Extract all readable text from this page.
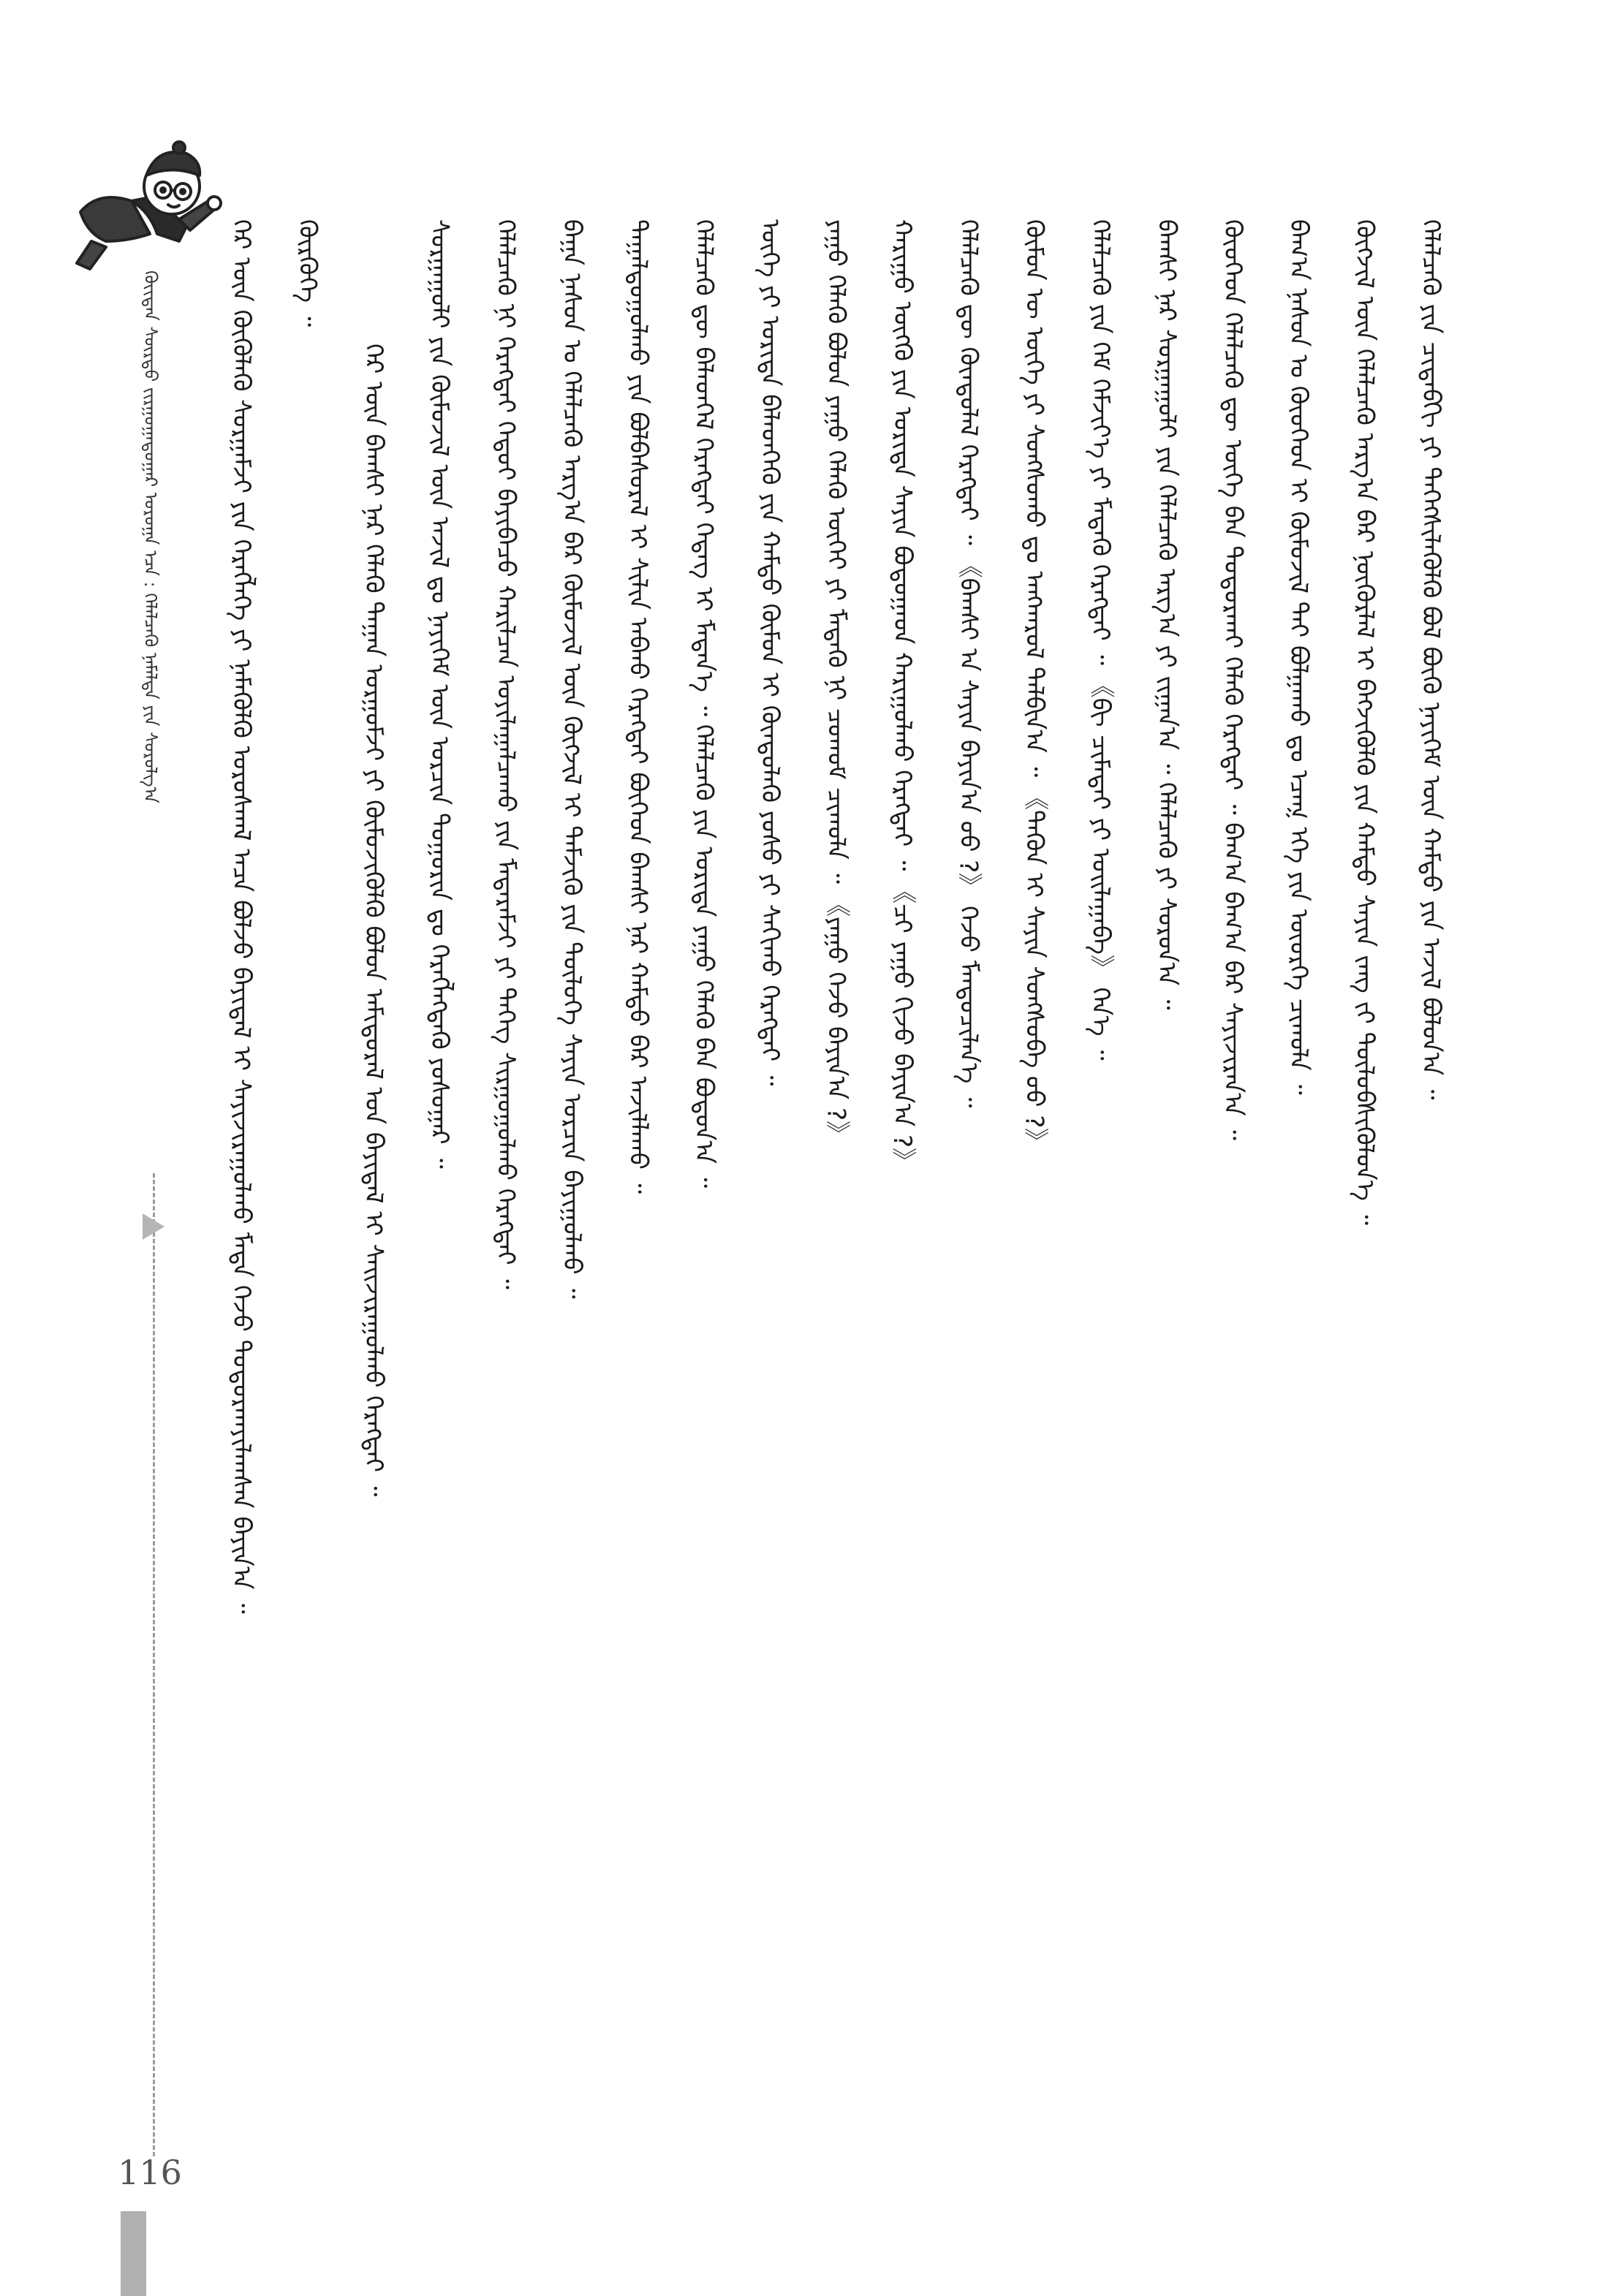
ᠬᠦᠢᠲᠡᠨ ᠰᠦᠷᠲᠦ ᠵᠢᠷᠭᠤᠭᠠᠳᠤᠭᠠᠷ ᠤᠷᠤᠭᠠ ᠡᠴᠡ : ᠬᠡᠯᠡᠯᠴᠡᠬᠦ ᠨᠡᠮᠡᠯᠳᠡ ᠶᠢᠨ ᠰᠣᠷᠤᠯᠭ᠎ᠠ	ᠭᠡᠷ ᠦᠨ ᠬᠥᠭᠦᠯᠡᠬᠦ ᠰᠤᠷᠭᠠᠮᠵᠢ ᠶᠢᠨ ᠬᠡᠷᠡᠭᠯᠡᠭᠡ ᠶᠢ ᠨᠡᠮᠡᠭᠦᠯᠬᠦ ᠤᠷᠤᠰᠬᠠᠯ ᠠᠴᠠ ᠪᠣᠯᠵᠤ ᠪᠠᠶᠢᠳᠠᠯ ᠢ ᠰᠠᠶᠢᠵᠢᠷᠠᠭᠤᠯᠬᠤ ᠮᠡᠳᠡ ᠭᠡᠵᠦ ᠲᠣᠳᠤᠷᠬᠠᠶᠢᠯᠠᠭᠰᠠᠨ ᠪᠠᠶᠢᠨ᠎ᠠ ᠃ ᠬᠥᠷᠭᠦᠭᠡ ᠃
ᠭᠡᠷ ᠦᠨ ᠪᠠᠭᠰᠢ ᠨᠠᠷ ᠬᠡᠯᠡᠬᠦ ᠳᠠᠭᠠᠨ ᠤᠷᠭᠤᠮᠵᠢ ᠶᠢ ᠬᠥᠮᠦᠵᠢᠭᠦᠯᠬᠦ ᠪᠣᠯᠤᠨ ᠠᠮᠢᠳᠤᠷᠠᠯ ᠤᠨ ᠪᠠᠶᠢᠳᠠᠯ ᠢ ᠰᠠᠢᠵᠢᠷᠠᠭᠤᠯᠬᠤ ᠬᠡᠷᠡᠭᠲᠡᠢ ᠃ ᠰᠤᠷᠭᠠᠭᠤᠯᠢ ᠶᠢᠨ ᠬᠦᠮᠦᠵᠢᠯ ᠦᠨ ᠠᠵᠢᠯ ᠳᠤ ᠨᠡᠶᠢᠭᠡᠮ ᠦᠨ ᠣᠷᠴᠢᠨ ᠲᠣᠭᠤᠷᠢᠨ ᠳᠤ ᠬᠡᠷᠡᠭᠯᠡᠭᠳᠡᠬᠦ ᠶᠣᠰᠤᠭᠠᠷ ᠃ ᠬᠡᠯᠡᠯᠴᠡᠬᠦ ᠨᠢ ᠬᠡᠷᠡᠭᠲᠡᠢ ᠬᠡᠳᠦᠢ ᠪᠠᠶᠢᠪᠠᠴᠤ ᠬᠠᠷᠢᠯᠴᠠᠨ ᠣᠶᠢᠯᠠᠭᠠᠯᠴᠠᠬᠤ ᠶᠢᠨ ᠮᠡᠳᠡᠷᠡᠮᠵᠢ ᠶᠢ ᠳᠡᠭᠡᠭ ᠰᠢᠷᠭᠤᠭᠤᠯᠬᠤ ᠬᠡᠷᠡᠭᠲᠡᠢ ᠃ ᠪᠠᠭᠠ ᠨᠠᠰᠤᠨ ᠤ ᠬᠡᠯᠡᠯᠴᠡᠬᠦ ᠠᠷᠭ᠎ᠠ ᠪᠠᠷ ᠬᠦᠮᠦᠵᠢᠯ ᠦᠨ ᠬᠥᠭᠵᠢᠯ ᠢ ᠳᠡᠮᠵᠢᠬᠦ ᠶᠢᠨ ᠲᠥᠯᠥᠭᠡ ᠰᠠᠶᠢᠨ ᠣᠷᠴᠢᠨ ᠪᠠᠶᠢᠭᠤᠯᠬᠤ ᠃ ᠳᠠᠭᠠᠯᠳᠤᠭᠤᠯᠬᠤ ᠶᠢᠨ ᠪᠣᠯᠪᠠᠰᠤᠷᠠᠯ ᠢ ᠰᠢᠯᠢᠨ ᠠᠪᠬᠤ ᠬᠡᠷᠡᠭᠲᠡᠢ ᠪᠥᠭᠡᠳ ᠪᠠᠭᠰᠢ ᠨᠠᠷ ᠬᠠᠮᠲᠤ ᠪᠠᠷ ᠠᠵᠢᠯᠯᠠᠬᠤ ᠃ ᠬᠡᠯᠡᠯᠴᠡᠬᠦ ᠳᠦ ᠪᠡᠯᠡᠳᠬᠡᠯ ᠬᠡᠷᠡᠭᠲᠡᠢ ᠭᠡᠳᠡᠭ ᠢ ᠮᠡᠳᠡᠨ᠎ᠡ ᠃ ᠬᠡᠯᠡᠯᠴᠡᠬᠦ ᠶᠢᠨ ᠤᠷᠢᠳᠠ ᠶᠠᠭᠤ ᠬᠡᠯᠡᠬᠦ ᠪᠡᠨ ᠪᠣᠳᠤᠨ᠎ᠠ ᠃ ᠦᠭᠡ ᠶᠢ ᠤᠷᠢᠳᠠ ᠪᠡᠯᠡᠳᠬᠡᠬᠦ ᠶᠢᠨ ᠬᠠᠮᠲᠤ ᠬᠦᠮᠦᠨ ᠢ ᠬᠦᠨᠳᠦᠯᠡᠬᠦ ᠶᠣᠰᠤ ᠶᠢ ᠰᠠᠬᠢᠬᠤ ᠬᠡᠷᠡᠭᠲᠡᠢ ᠃ ᠶᠠᠭᠤ ᠬᠡᠯᠡᠬᠦ ᠪᠣᠯᠤᠨ ᠶᠠᠭᠤ ᠬᠡᠯᠡᠬᠦ ᠦᠭᠡᠢ ᠶᠢ ᠮᠡᠳᠡᠬᠦ ᠨᠢ ᠴᠤᠬᠤᠮ ᠴᠢᠬᠤᠯᠠ ᠃ 《ᠶᠠᠭᠤ ᠭᠡᠵᠦ ᠪᠠᠶᠢᠨ᠎ᠠ ?》 ᠬᠠᠷᠢᠭᠤ ᠥᠭᠬᠦ ᠶᠢᠨ ᠤᠷᠢᠳᠠ ᠰᠠᠶᠢᠨ ᠪᠣᠳᠤᠭᠠᠳ ᠬᠠᠷᠢᠭᠤᠯᠬᠤ ᠬᠡᠷᠡᠭᠲᠡᠢ ᠃ 《ᠴᠢ ᠶᠠᠭᠤ ᠬᠢᠵᠦ ᠪᠠᠶᠢᠨ᠎ᠠ ?》 ᠬᠡᠯᠡᠯᠴᠡᠬᠦ ᠳᠦ ᠬᠦᠨᠳᠦᠯᠡᠯ ᠬᠡᠷᠡᠭᠲᠡᠢ ᠃ 《ᠪᠠᠭᠰᠢ ᠠ ᠰᠠᠶᠢᠨ ᠪᠠᠶᠢᠨ᠎ᠠ ᠤᠤ ?》 ᠭᠡᠵᠦ ᠮᠡᠨᠳᠦᠴᠢᠯᠡᠨ᠎ᠡ ᠃ ᠬᠦᠮᠦᠨ ᠦ ᠦᠭᠡ ᠶᠢ ᠰᠣᠩᠰᠤᠬᠤ ᠳᠤ ᠠᠩᠬᠠᠷᠤᠯ ᠲᠠᠯᠪᠢᠨ᠎ᠠ ᠃ 《ᠲᠡᠭᠦᠨ ᠢ ᠰᠠᠶᠢᠨ ᠰᠣᠩᠰᠤᠪᠠ ᠤᠤ ?》 ᠬᠡᠯᠡᠯᠴᠡᠬᠦ ᠶᠢᠨ ᠬᠡᠮ ᠬᠡᠮᠵᠢᠶ᠎ᠡ ᠶᠢ ᠮᠡᠳᠡᠬᠦ ᠬᠡᠷᠡᠭᠲᠡᠢ ᠃ 《ᠪᠢ ᠴᠢᠮᠠᠳᠠᠢ ᠶᠢ ᠣᠢᠯᠠᠭᠠᠪᠠ》 ᠭᠡᠨ᠎ᠡ ᠃ ᠪᠠᠭᠰᠢ ᠨᠠᠷ ᠰᠤᠷᠭᠠᠭᠤᠯᠢ ᠶᠢᠨ ᠬᠡᠯᠡᠯᠴᠡᠬᠦ ᠠᠷᠭ᠎ᠠ ᠶᠢ ᠵᠢᠭᠠᠨ᠎ᠠ ᠃ ᠬᠡᠯᠡᠯᠴᠡᠬᠦ ᠶᠢ ᠰᠤᠷᠤᠨ᠎ᠠ ᠃ ᠬᠦᠦᠬᠡᠳ ᠬᠡᠯᠡᠯᠴᠡᠬᠦ ᠳᠦ ᠦᠭᠡ ᠪᠡᠨ ᠲᠣᠳᠤᠷᠬᠠᠢ ᠬᠡᠯᠡᠬᠦ ᠬᠡᠷᠡᠭᠲᠡᠢ ᠃ ᠪᠠᠭ᠎ᠠ ᠪᠠᠭ᠎ᠠ ᠪᠡᠷ ᠰᠠᠶᠢᠵᠢᠷᠠᠨ᠎ᠠ ᠃ ᠪᠠᠭ᠎ᠠ ᠨᠠᠰᠤᠨ ᠤ ᠬᠦᠦᠬᠡᠳ ᠢ ᠬᠦᠮᠦᠵᠢᠯ ᠲᠡᠢ ᠪᠣᠯᠭᠠᠬᠤ ᠳᠤ ᠡᠴᠡᠭ᠍ ᠡᠬᠡ ᠶᠢᠨ ᠦᠦᠷᠭᠡ ᠴᠢᠬᠤᠯᠠ ᠃ ᠬᠥᠭᠵᠢᠯ ᠦᠨ ᠬᠡᠯᠡᠯᠴᠡᠬᠦ ᠠᠷᠭ᠎ᠠ ᠪᠠᠷ ᠨᠥᠬᠥᠷᠯᠡᠯ ᠢ ᠪᠡᠬᠵᠢᠭᠦᠯᠬᠦ ᠶᠢᠨ ᠬᠠᠮᠲᠤ ᠰᠠᠶᠢᠨ ᠵᠠᠩ ᠵᠢ ᠲᠥᠯᠥᠪᠰᠢᠭᠦᠯᠦᠨ᠎ᠡ ᠃ ᠬᠡᠯᠡᠯᠴᠡᠬᠦ ᠶᠢᠨ ᠴᠢᠳᠠᠪᠬᠢ ᠶᠢ ᠳᠡᠭᠡᠭᠰᠢᠯᠡᠭᠦᠯᠬᠦ ᠪᠣᠯ ᠪᠦᠬᠦ ᠨᠡᠶᠢᠭᠡᠮ ᠦᠨ ᠬᠠᠮᠲᠤ ᠶᠢᠨ ᠠᠵᠢᠯ ᠪᠣᠯᠤᠨ᠎ᠠ ᠃
116
